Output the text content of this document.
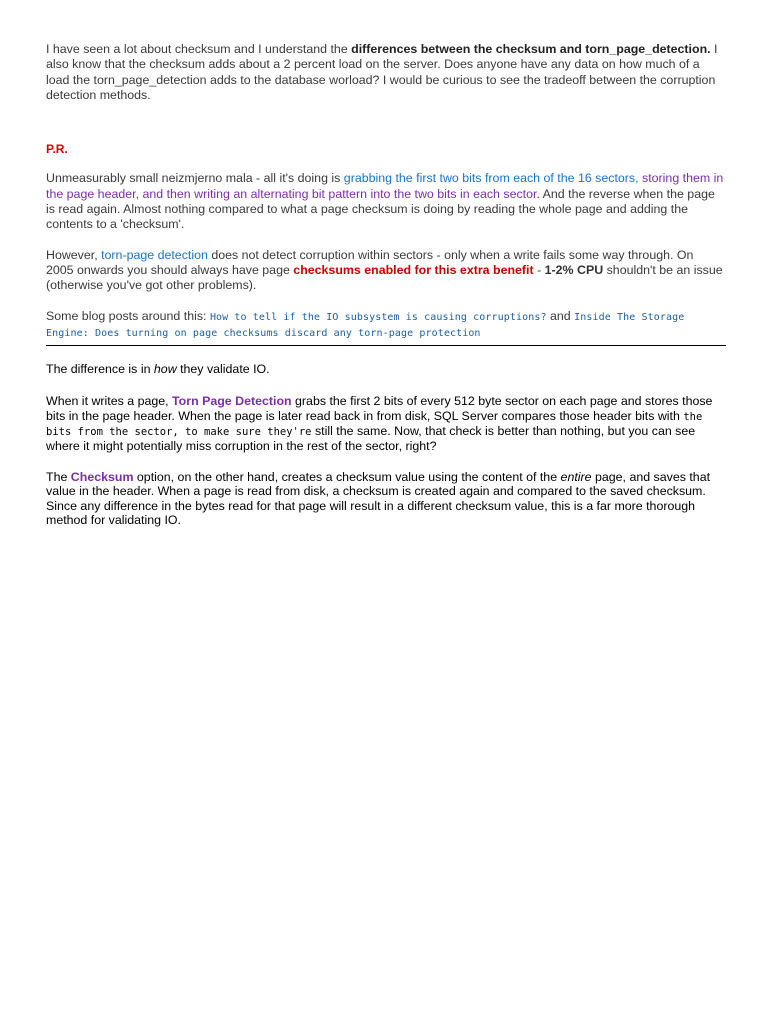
I have seen a lot about checksum and I understand the differences between the checksum and torn_page_detection. I also know that the checksum adds about a 2 percent load on the server. Does anyone have any data on how much of a load the torn_page_detection adds to the database worload? I would be curious to see the tradeoff between the corruption detection methods.

P.R.

Unmeasurably small neizmjerno mala - all it's doing is grabbing the first two bits from each of the 16 sectors, storing them in the page header, and then writing an alternating bit pattern into the two bits in each sector. And the reverse when the page is read again. Almost nothing compared to what a page checksum is doing by reading the whole page and adding the contents to a 'checksum'.

However, torn-page detection does not detect corruption within sectors - only when a write fails some way through. On 2005 onwards you should always have page checksums enabled for this extra benefit - 1-2% CPU shouldn't be an issue (otherwise you've got other problems).

Some blog posts around this: How to tell if the IO subsystem is causing corruptions? and Inside The Storage Engine: Does turning on page checksums discard any torn-page protection

The difference is in how they validate IO.

When it writes a page, Torn Page Detection grabs the first 2 bits of every 512 byte sector on each page and stores those bits in the page header. When the page is later read back in from disk, SQL Server compares those header bits with the bits from the sector, to make sure they're still the same. Now, that check is better than nothing, but you can see where it might potentially miss corruption in the rest of the sector, right?

The Checksum option, on the other hand, creates a checksum value using the content of the entire page, and saves that value in the header. When a page is read from disk, a checksum is created again and compared to the saved checksum. Since any difference in the bytes read for that page will result in a different checksum value, this is a far more thorough method for validating IO.
